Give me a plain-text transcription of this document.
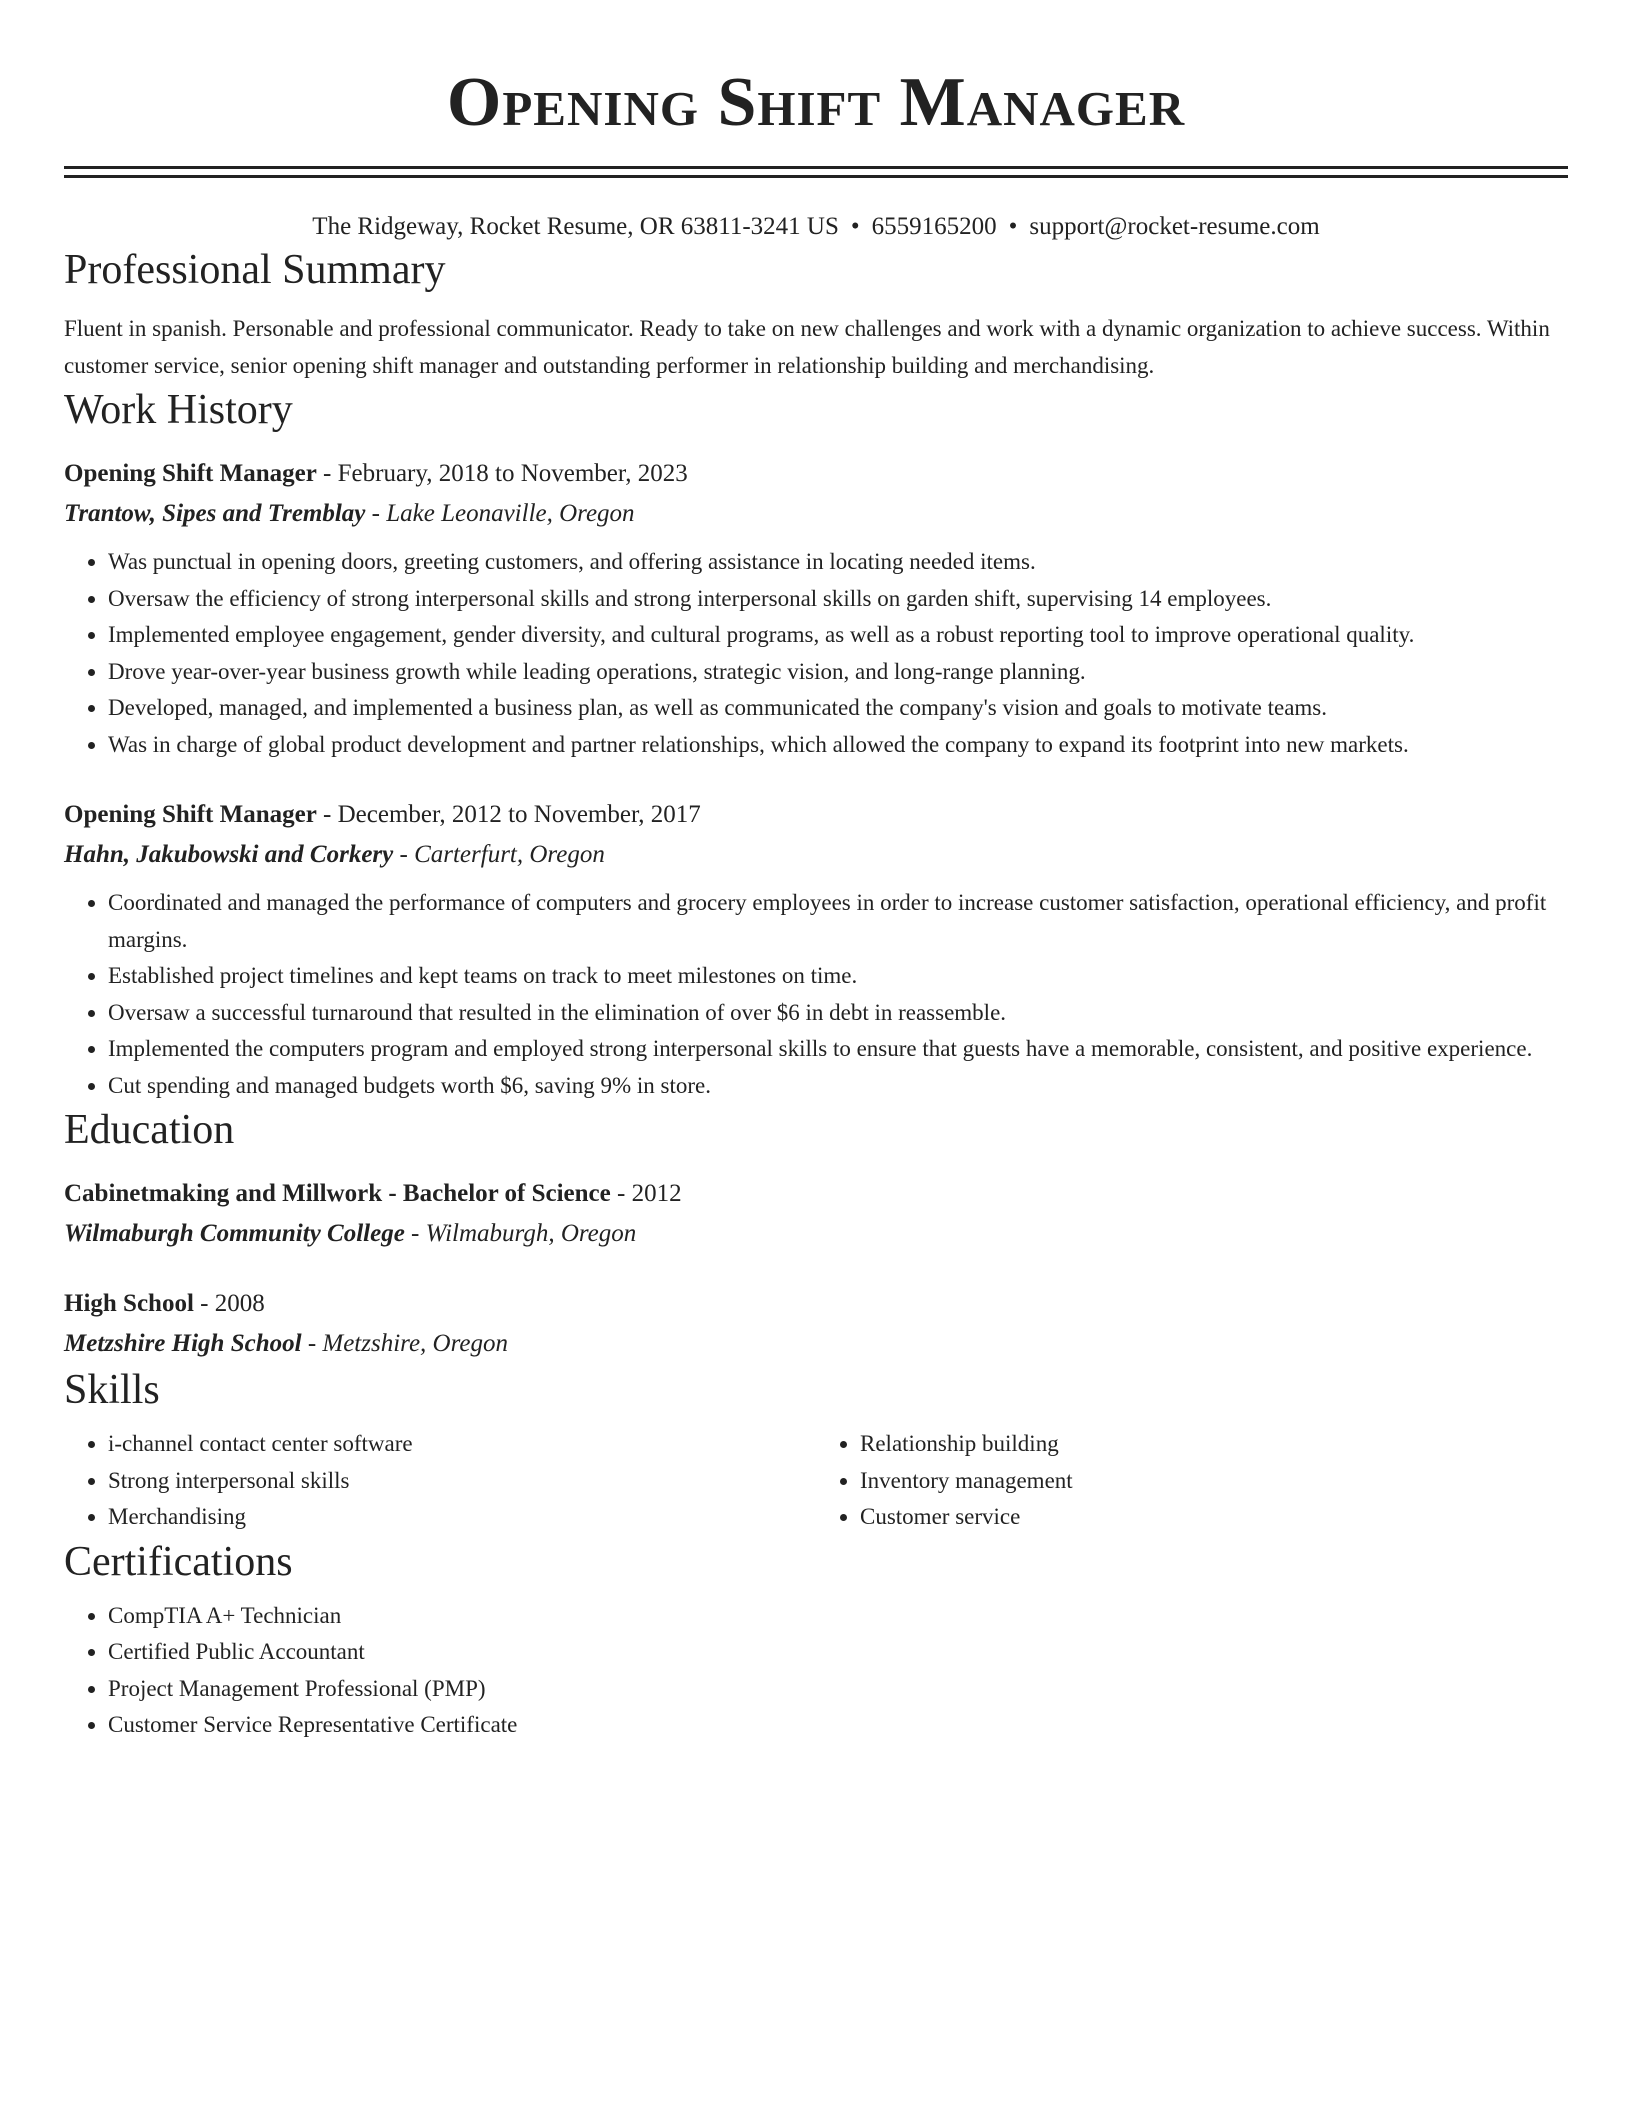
Opening Shift Manager
The Ridgeway, Rocket Resume, OR 63811-3241 US • 6559165200 • support@rocket-resume.com
Professional Summary
Fluent in spanish. Personable and professional communicator. Ready to take on new challenges and work with a dynamic organization to achieve success. Within customer service, senior opening shift manager and outstanding performer in relationship building and merchandising.
Work History
Opening Shift Manager - February, 2018 to November, 2023
Trantow, Sipes and Tremblay - Lake Leonaville, Oregon
• Was punctual in opening doors, greeting customers, and offering assistance in locating needed items.
• Oversaw the efficiency of strong interpersonal skills and strong interpersonal skills on garden shift, supervising 14 employees.
• Implemented employee engagement, gender diversity, and cultural programs, as well as a robust reporting tool to improve operational quality.
• Drove year-over-year business growth while leading operations, strategic vision, and long-range planning.
• Developed, managed, and implemented a business plan, as well as communicated the company's vision and goals to motivate teams.
• Was in charge of global product development and partner relationships, which allowed the company to expand its footprint into new markets.
Opening Shift Manager - December, 2012 to November, 2017
Hahn, Jakubowski and Corkery - Carterfurt, Oregon
• Coordinated and managed the performance of computers and grocery employees in order to increase customer satisfaction, operational efficiency, and profit margins.
• Established project timelines and kept teams on track to meet milestones on time.
• Oversaw a successful turnaround that resulted in the elimination of over $6 in debt in reassemble.
• Implemented the computers program and employed strong interpersonal skills to ensure that guests have a memorable, consistent, and positive experience.
• Cut spending and managed budgets worth $6, saving 9% in store.
Education
Cabinetmaking and Millwork - Bachelor of Science - 2012
Wilmaburgh Community College - Wilmaburgh, Oregon
High School - 2008
Metzshire High School - Metzshire, Oregon
Skills
• i-channel contact center software
• Strong interpersonal skills
• Merchandising
• Relationship building
• Inventory management
• Customer service
Certifications
• CompTIA A+ Technician
• Certified Public Accountant
• Project Management Professional (PMP)
• Customer Service Representative Certificate
